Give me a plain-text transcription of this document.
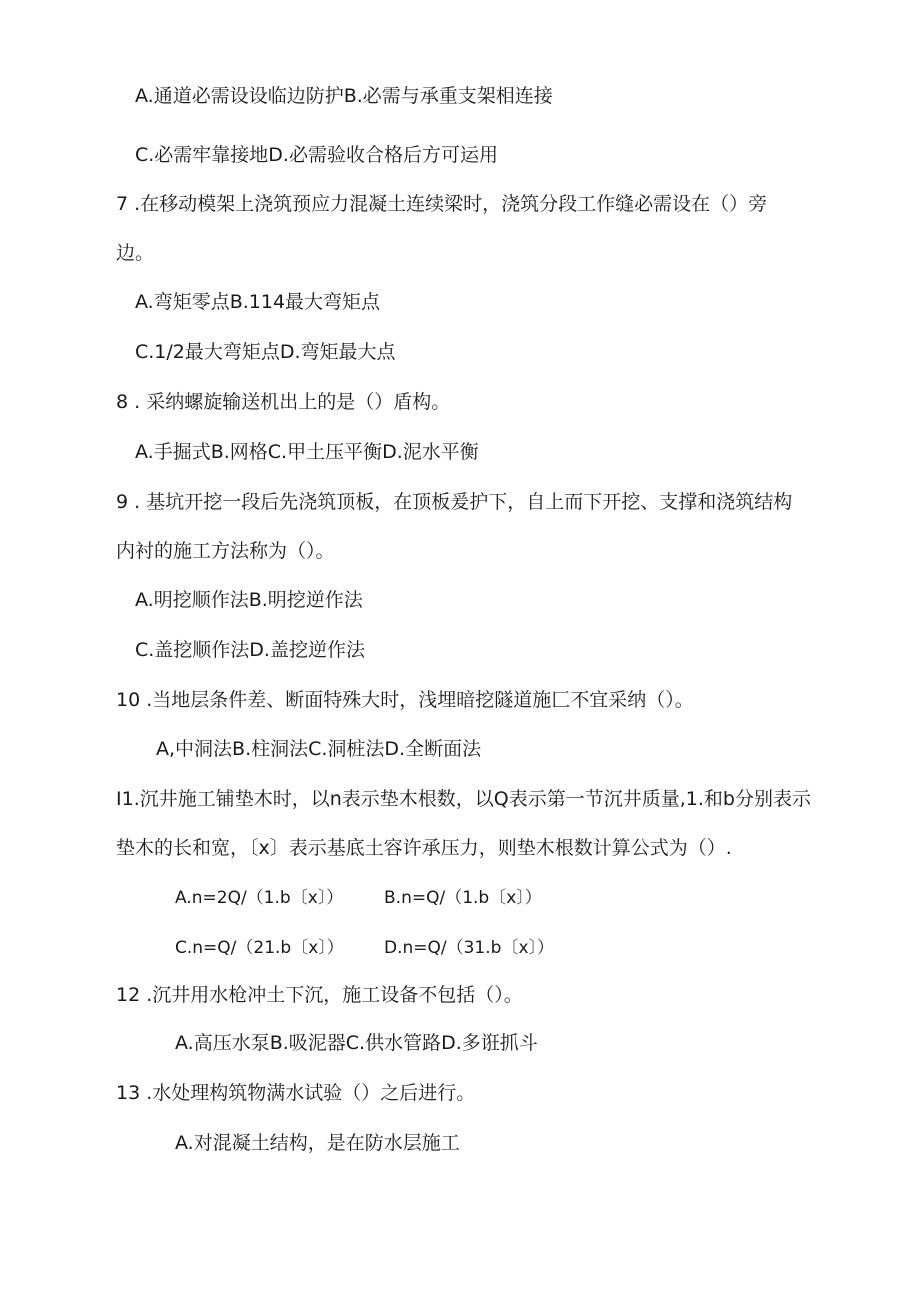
A.通道必需设设临边防护B.必需与承重支架相连接
C.必需牢靠接地D.必需验收合格后方可运用
7 .在移动模架上浇筑预应力混凝土连续梁时，浇筑分段工作缝必需设在（）旁
边。
A.弯矩零点B.114最大弯矩点
C.1/2最大弯矩点D.弯矩最大点
8 . 采纳螺旋输送机出上的是（）盾构。
A.手掘式B.网格C.甲土压平衡D.泥水平衡
9 . 基坑开挖一段后先浇筑顶板，在顶板爰护下，自上而下开挖、支撑和浇筑结构
内衬的施工方法称为（）。
A.明挖顺作法B.明挖逆作法
C.盖挖顺作法D.盖挖逆作法
10 .当地层条件差、断面特殊大时，浅埋暗挖隧道施匚不宜采纳（）。
A,中洞法B.柱洞法C.洞桩法D.全断面法
I1.沉井施工铺垫木时，以n表示垫木根数，以Q表示第一节沉井质量,1.和b分别表示
垫木的长和宽，〔x〕表示基底土容许承压力，则垫木根数计算公式为（）.
A.n=2Q∕（1.b〔x〕） B.n=Q/（1.b〔x〕）
C.n=Q∕（21.b〔x〕） D.n=Q∕（31.b〔x〕）
12 .沉井用水枪冲土下沉，施工设备不包括（）。
A.高压水泵B.吸泥器C.供水管路D.多诳抓斗
13 .水处理构筑物满水试验（）之后进行。
A.对混凝土结构，是在防水层施工
